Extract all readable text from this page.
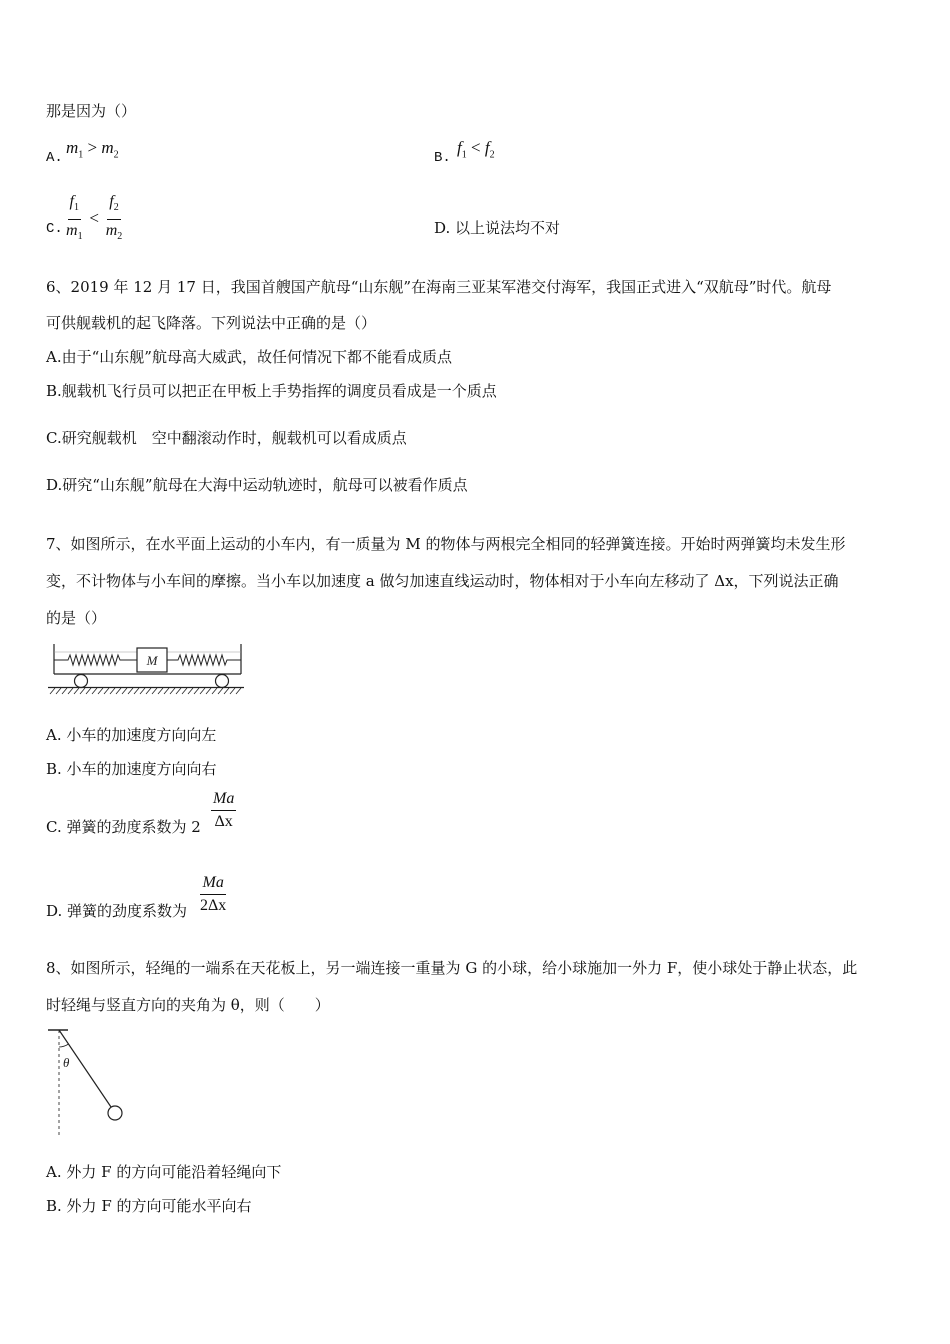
那是因为（）
A.
$m_1 > m_2$	B.
$f_1 < f_2$
C. $\frac{f_1}{m_1} < \frac{f_2}{m_2}$	D. 以上说法均不对
6、2019 年 12 月 17 日，我国首艘国产航母“山东舰”在海南三亚某军港交付海军，我国正式进入“双航母”时代。航母
可供舰载机的起飞降落。下列说法中正确的是（）
A.由于“山东舰”航母高大威武，故任何情况下都不能看成质点
B.舰载机飞行员可以把正在甲板上手势指挥的调度员看成是一个质点
C.研究舰载机　空中翻滚动作时，舰载机可以看成质点
D.研究“山东舰”航母在大海中运动轨迹时，航母可以被看作质点
7、如图所示，在水平面上运动的小车内，有一质量为 M 的物体与两根完全相同的轻弹簧连接。开始时两弹簧均未发生形
变，不计物体与小车间的摩擦。当小车以加速度 a 做匀加速直线运动时，物体相对于小车向左移动了 Δx，下列说法正确
的是（）
M
A. 小车的加速度方向向左
B. 小车的加速度方向向右
C. 弹簧的劲度系数为 $2 \frac{Ma}{\Delta x}$
D. 弹簧的劲度系数为 $\frac{Ma}{2\Delta x}$
8、如图所示，轻绳的一端系在天花板上，另一端连接一重量为 G 的小球，给小球施加一外力 F，使小球处于静止状态，此
时轻绳与竖直方向的夹角为 θ，则（　　）
θ
A. 外力 F 的方向可能沿着轻绳向下
B. 外力 F 的方向可能水平向右
